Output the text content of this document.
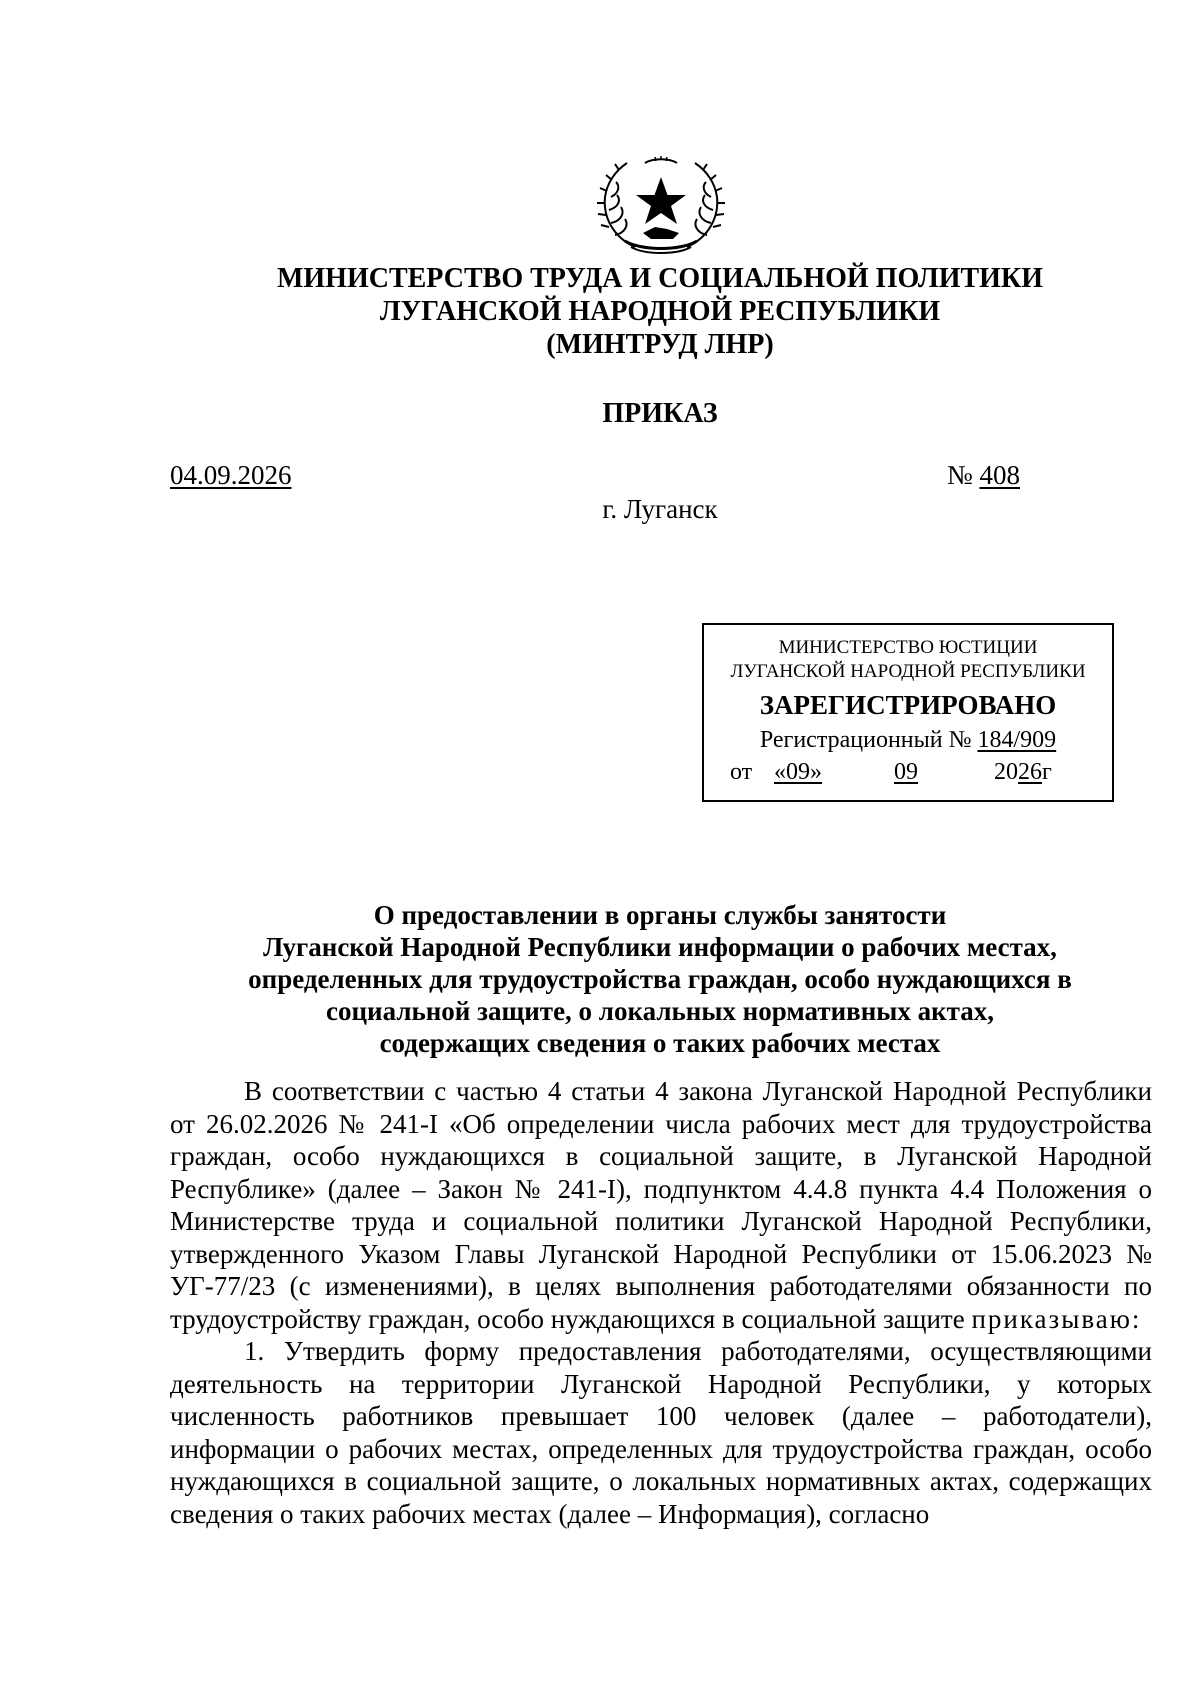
МИНИСТЕРСТВО ТРУДА И СОЦИАЛЬНОЙ ПОЛИТИКИ
ЛУГАНСКОЙ НАРОДНОЙ РЕСПУБЛИКИ
(МИНТРУД ЛНР)
ПРИКАЗ
04.09.2026	№ 408
г. Луганск
МИНИСТЕРСТВО ЮСТИЦИИ
ЛУГАНСКОЙ НАРОДНОЙ РЕСПУБЛИКИ
ЗАРЕГИСТРИРОВАНО
Регистрационный № 184/909
от «09»	09	2026г
О предоставлении в органы службы занятости
Луганской Народной Республики информации о рабочих местах,
определенных для трудоустройства граждан, особо нуждающихся в
социальной защите, о локальных нормативных актах,
содержащих сведения о таких рабочих местах

В соответствии с частью 4 статьи 4 закона Луганской Народной Республики от 26.02.2026 № 241-I «Об определении числа рабочих мест для трудоустройства граждан, особо нуждающихся в социальной защите, в Луганской Народной Республике» (далее – Закон № 241-I), подпунктом 4.4.8 пункта 4.4 Положения о Министерстве труда и социальной политики Луганской Народной Республики, утвержденного Указом Главы Луганской Народной Республики от 15.06.2023 № УГ-77/23 (с изменениями), в целях выполнения работодателями обязанности по трудоустройству граждан, особо нуждающихся в социальной защите приказываю:

1. Утвердить форму предоставления работодателями, осуществляющими деятельность на территории Луганской Народной Республики, у которых численность работников превышает 100 человек (далее – работодатели), информации о рабочих местах, определенных для трудоустройства граждан, особо нуждающихся в социальной защите, о локальных нормативных актах, содержащих сведения о таких рабочих местах (далее – Информация), согласно
